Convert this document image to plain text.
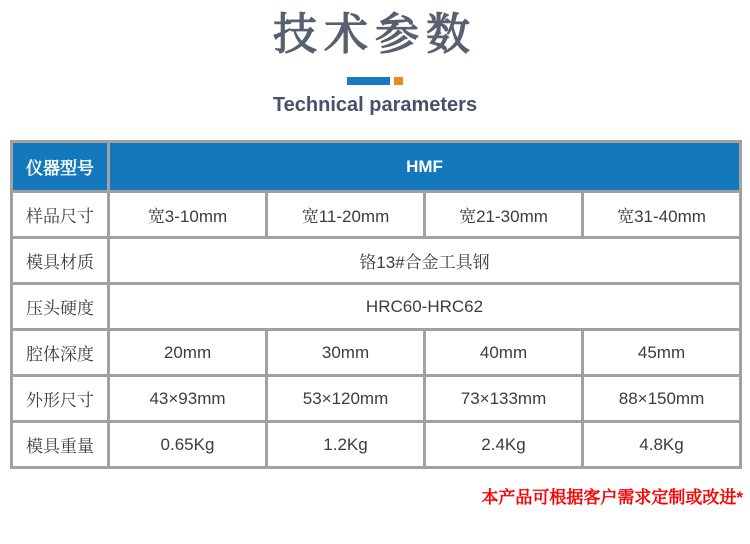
技术参数
Technical parameters
仪器型号	HMF			
样品尺寸	宽3-10mm	宽11-20mm	宽21-30mm	宽31-40mm
模具材质	铬13#合金工具钢			
压头硬度	HRC60-HRC62			
腔体深度	20mm	30mm	40mm	45mm
外形尺寸	43×93mm	53×120mm	73×133mm	88×150mm
模具重量	0.65Kg	1.2Kg	2.4Kg	4.8Kg
本产品可根据客户需求定制或改进*
